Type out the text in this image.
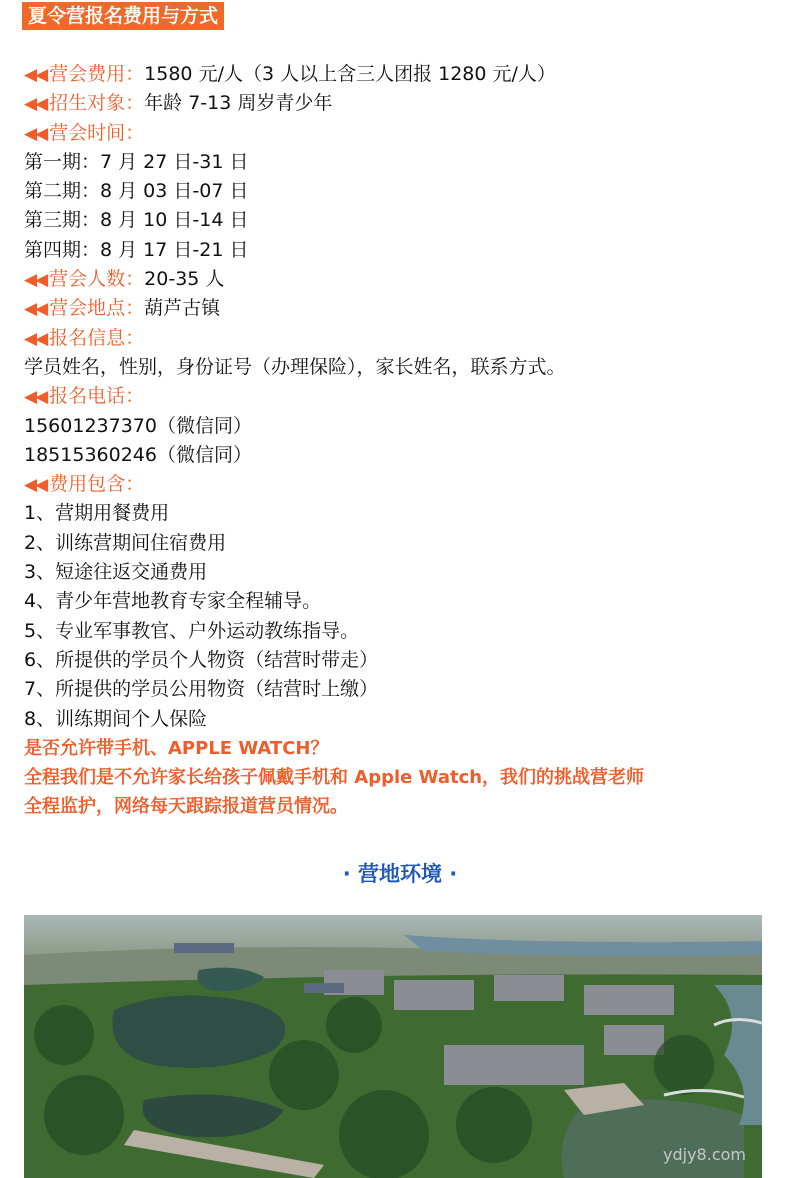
夏令营报名费用与方式
◀◀ 营会费用：1580 元/人（3 人以上含三人团报 1280 元/人）
◀◀ 招生对象：年龄 7-13 周岁青少年
◀◀ 营会时间：
第一期：7 月 27 日-31 日
第二期：8 月 03 日-07 日
第三期：8 月 10 日-14 日
第四期：8 月 17 日-21 日
◀◀ 营会人数：20-35 人
◀◀ 营会地点：葫芦古镇
◀◀ 报名信息：
学员姓名，性别，身份证号（办理保险），家长姓名，联系方式。
◀◀ 报名电话：
15601237370（微信同）
18515360246（微信同）
◀◀ 费用包含：
1、营期用餐费用
2、训练营期间住宿费用
3、短途往返交通费用
4、青少年营地教育专家全程辅导。
5、专业军事教官、户外运动教练指导。
6、所提供的学员个人物资（结营时带走）
7、所提供的学员公用物资（结营时上缴）
8、训练期间个人保险
是否允许带手机、APPLE WATCH？
全程我们是不允许家长给孩子佩戴手机和 Apple Watch，我们的挑战营老师
全程监护，网络每天跟踪报道营员情况。
· 营地环境 ·
ydjy8.com
